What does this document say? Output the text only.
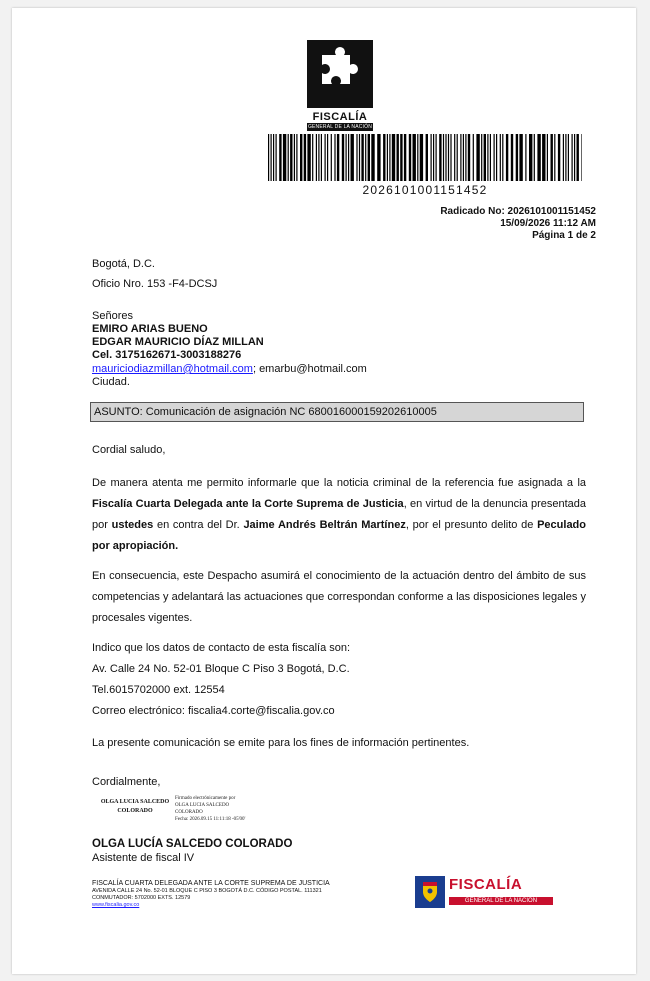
FISCALÍA
GENERAL DE LA NACIÓN
2026101001151452
Radicado No: 2026101001151452
15/09/2026 11:12 AM
Página 1 de 2
Bogotá, D.C.
Oficio Nro. 153 -F4-DCSJ
Señores
EMIRO ARIAS BUENO
EDGAR MAURICIO DÍAZ MILLAN
Cel. 3175162671-3003188276
mauriciodiazmillan@hotmail.com; emarbu@hotmail.com
Ciudad.
ASUNTO: Comunicación de asignación NC 680016000159202610005
Cordial saludo,
De manera atenta me permito informarle que la noticia criminal de la referencia fue asignada a la Fiscalía Cuarta Delegada ante la Corte Suprema de Justicia, en virtud de la denuncia presentada por ustedes en contra del Dr. Jaime Andrés Beltrán Martínez, por el presunto delito de Peculado por apropiación.
En consecuencia, este Despacho asumirá el conocimiento de la actuación dentro del ámbito de sus competencias y adelantará las actuaciones que correspondan conforme a las disposiciones legales y procesales vigentes.
Indico que los datos de contacto de esta fiscalía son:
Av. Calle 24 No. 52-01 Bloque C Piso 3 Bogotá, D.C.
Tel.6015702000 ext. 12554
Correo electrónico: fiscalia4.corte@fiscalia.gov.co
La presente comunicación se emite para los fines de información pertinentes.
Cordialmente,
OLGA LUCIA SALCEDO
COLORADO
Firmado electrónicamente por
OLGA LUCIA SALCEDO
COLORADO
Fecha: 2026.09.15 11:11:18 -05'00'
OLGA LUCÍA SALCEDO COLORADO
Asistente de fiscal IV
FISCALÍA CUARTA DELEGADA ANTE LA CORTE SUPREMA DE JUSTICIA
AVENIDA CALLE 24 No. 52-01 BLOQUE C PISO 3 BOGOTÁ D.C. CÓDIGO POSTAL. 111321
CONMUTADOR: 5702000 EXTS. 12579
www.fiscalia.gov.co
FISCALÍA
GENERAL DE LA NACIÓN
